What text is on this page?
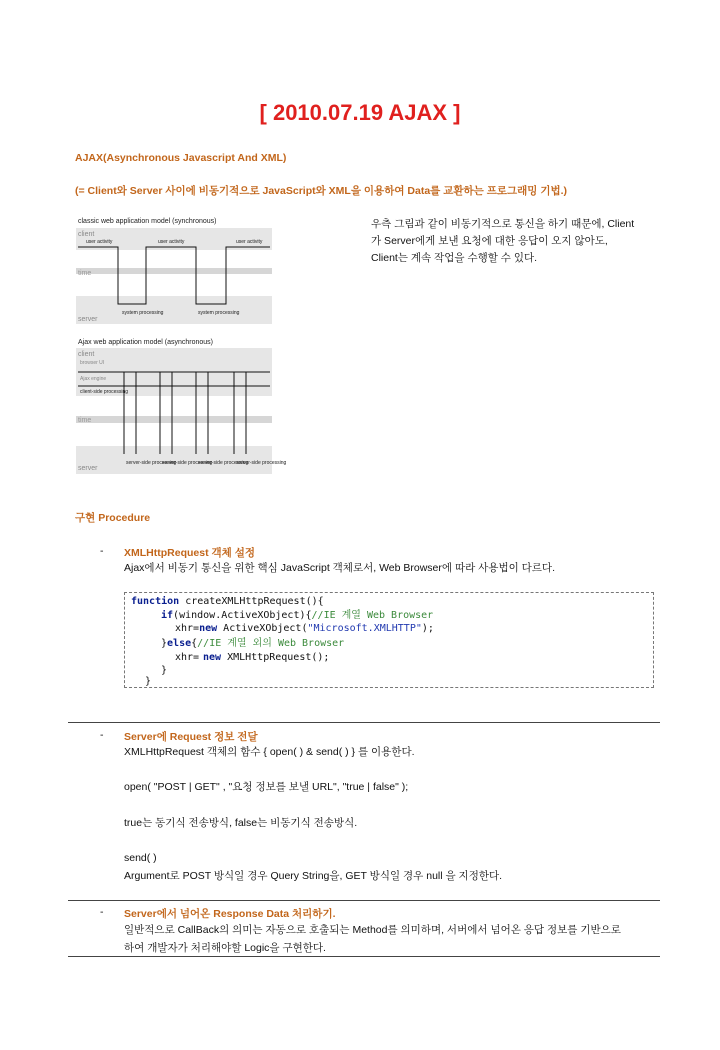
[ 2010.07.19 AJAX ]
AJAX(Asynchronous Javascript And XML)
(= Client와 Server 사이에 비동기적으로 JavaScript와 XML을 이용하여 Data를 교환하는 프로그래밍 기법.)
classic web application model (synchronous)
client
time
server
user activity	user activity	user activity
system processing	system processing
Ajax web application model (asynchronous)
client
browser UI
Ajax engine
client-side processing
time
server
server-side processing
server-side processing
server-side processing
server-side processing
우측 그림과 같이 비동기적으로 통신을 하기 때문에, Client
가 Server에게 보낸 요청에 대한 응답이 오지 않아도,
Client는 계속 작업을 수행할 수 있다.
구현 Procedure
- XMLHttpRequest 객체 설정
Ajax에서 비동기 통신을 위한 핵심 JavaScript 객체로서, Web Browser에 따라 사용법이 다르다.
function createXMLHttpRequest(){
if(window.ActiveXObject){//IE 계열 Web Browser
xhr=new ActiveXObject("Microsoft.XMLHTTP");
}else{//IE 계열 외의 Web Browser
xhr= new XMLHttpRequest();
}
}
- Server에 Request 정보 전달
XMLHttpRequest 객체의 함수 { open( ) & send( ) } 를 이용한다.
open( "POST | GET" , "요청 정보를 보낼 URL", "true | false" );
true는 동기식 전송방식, false는 비동기식 전송방식.
send( )
Argument로 POST 방식일 경우 Query String을, GET 방식일 경우 null 을 지정한다.
- Server에서 넘어온 Response Data 처리하기.
일반적으로 CallBack의 의미는 자동으로 호출되는 Method를 의미하며, 서버에서 넘어온 응답 정보를 기반으로
하여 개발자가 처리해야할 Logic을 구현한다.
